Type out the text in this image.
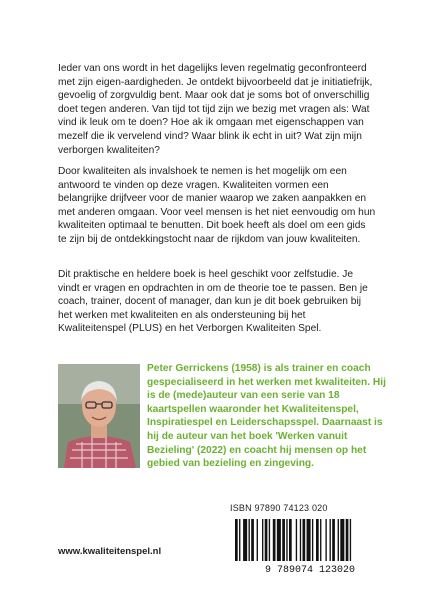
Ieder van ons wordt in het dagelijks leven regelmatig geconfronteerd met zijn eigen-aardigheden. Je ontdekt bijvoorbeeld dat je initiatiefrijk, gevoelig of zorgvuldig bent. Maar ook dat je soms bot of onverschillig doet tegen anderen. Van tijd tot tijd zijn we bezig met vragen als: Wat vind ik leuk om te doen? Hoe ak ik omgaan met eigenschappen van mezelf die ik vervelend vind? Waar blink ik echt in uit? Wat zijn mijn verborgen kwaliteiten?

Door kwaliteiten als invalshoek te nemen is het mogelijk om een antwoord te vinden op deze vragen. Kwaliteiten vormen een belangrijke drijfveer voor de manier waarop we zaken aanpakken en met anderen omgaan. Voor veel mensen is het niet eenvoudig om hun kwaliteiten optimaal te benutten. Dit boek heeft als doel om een gids te zijn bij de ontdekkingstocht naar de rijkdom van jouw kwaliteiten.

Dit praktische en heldere boek is heel geschikt voor zelfstudie. Je vindt er vragen en opdrachten in om de theorie toe te passen. Ben je coach, trainer, docent of manager, dan kun je dit boek gebruiken bij het werken met kwaliteiten en als ondersteuning bij het Kwaliteitenspel (PLUS) en het Verborgen Kwaliteiten Spel.

Peter Gerrickens (1958) is als trainer en coach gespecialiseerd in het werken met kwaliteiten. Hij is de (mede)auteur van een serie van 18 kaartspellen waaronder het Kwaliteitenspel, Inspiratiespel en Leiderschapsspel. Daarnaast is hij de auteur van het boek 'Werken vanuit Bezieling' (2022) en coacht hij mensen op het gebied van bezieling en zingeving.

ISBN 97890 74123 020
9 789074 123020
www.kwaliteitenspel.nl
